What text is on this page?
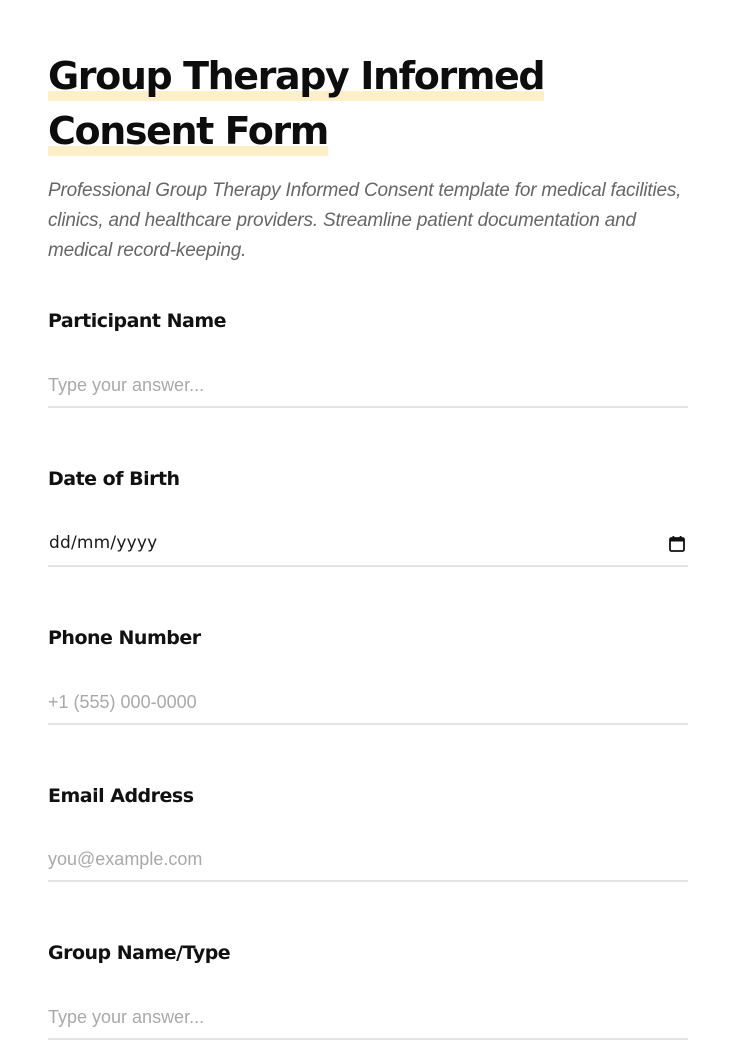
Group Therapy Informed
Consent Form
Professional Group Therapy Informed Consent template for medical facilities, clinics, and healthcare providers. Streamline patient documentation and medical record-keeping.
Participant Name
Type your answer...
Date of Birth
dd/mm/yyyy
Phone Number
+1 (555) 000-0000
Email Address
you@example.com
Group Name/Type
Type your answer...
